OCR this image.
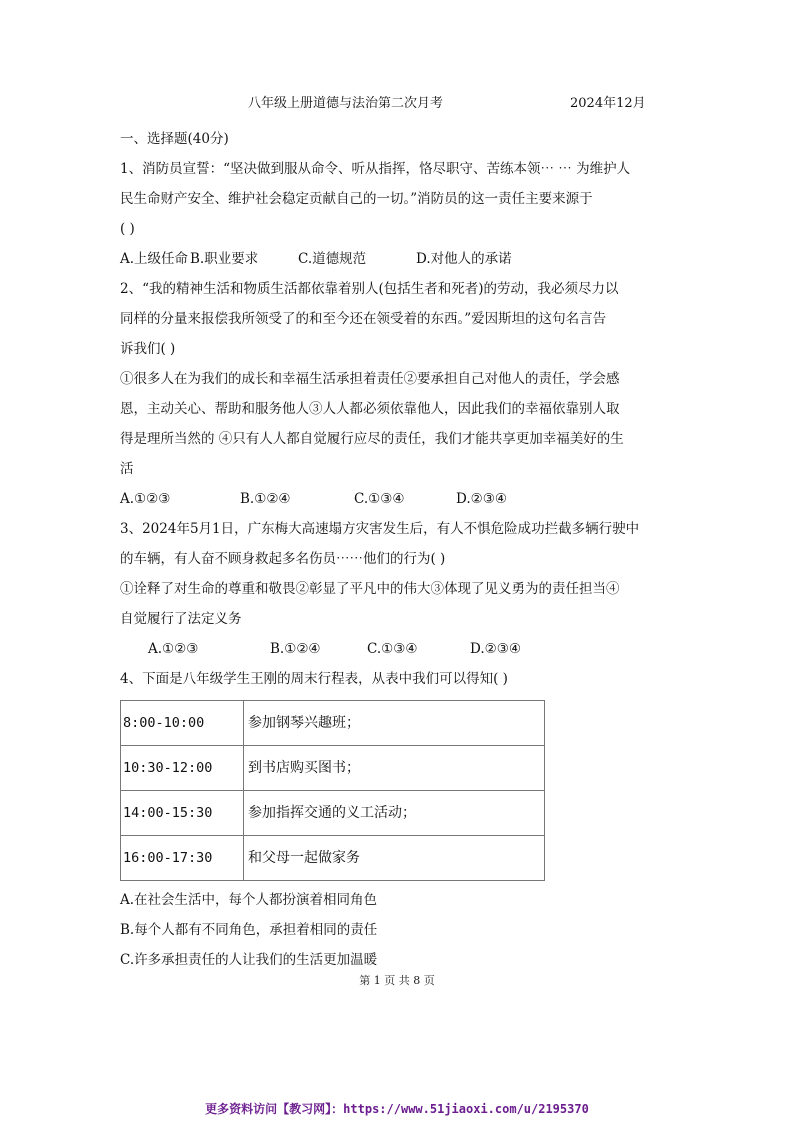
八年级上册道德与法治第二次月考	2024年12月
一、选择题(40分)
1、消防员宣誓：“坚决做到服从命令、听从指挥，恪尽职守、苦练本领⋯ ⋯ 为维护人
民生命财产安全、维护社会稳定贡献自己的一切。”消防员的这一责任主要来源于
( )
A.上级任命 B.职业要求	C.道德规范	D.对他人的承诺
2、“我的精神生活和物质生活都依靠着别人(包括生者和死者)的劳动，我必须尽力以
同样的分量来报偿我所领受了的和至今还在领受着的东西。”爱因斯坦的这句名言告
诉我们( )
①很多人在为我们的成长和幸福生活承担着责任②要承担自己对他人的责任，学会感
恩，主动关心、帮助和服务他人③人人都必须依靠他人，因此我们的幸福依靠别人取
得是理所当然的 ④只有人人都自觉履行应尽的责任，我们才能共享更加幸福美好的生
活
A.①②③	B.①②④	C.①③④	D.②③④
3、2024年5月1日，广东梅大高速塌方灾害发生后，有人不惧危险成功拦截多辆行驶中
的车辆，有人奋不顾身救起多名伤员⋯⋯他们的行为( )
①诠释了对生命的尊重和敬畏②彰显了平凡中的伟大③体现了见义勇为的责任担当④
自觉履行了法定义务
A.①②③	B.①②④	C.①③④	D.②③④
4、下面是八年级学生王刚的周末行程表，从表中我们可以得知( )
8:00-10:00	参加钢琴兴趣班；
10:30-12:00	到书店购买图书；
14:00-15:30	参加指挥交通的义工活动；
16:00-17:30	和父母一起做家务
A.在社会生活中，每个人都扮演着相同角色
B.每个人都有不同角色，承担着相同的责任
C.许多承担责任的人让我们的生活更加温暖
第 1 页 共 8 页
更多资料访问【教习网】：https://www.51jiaoxi.com/u/2195370
